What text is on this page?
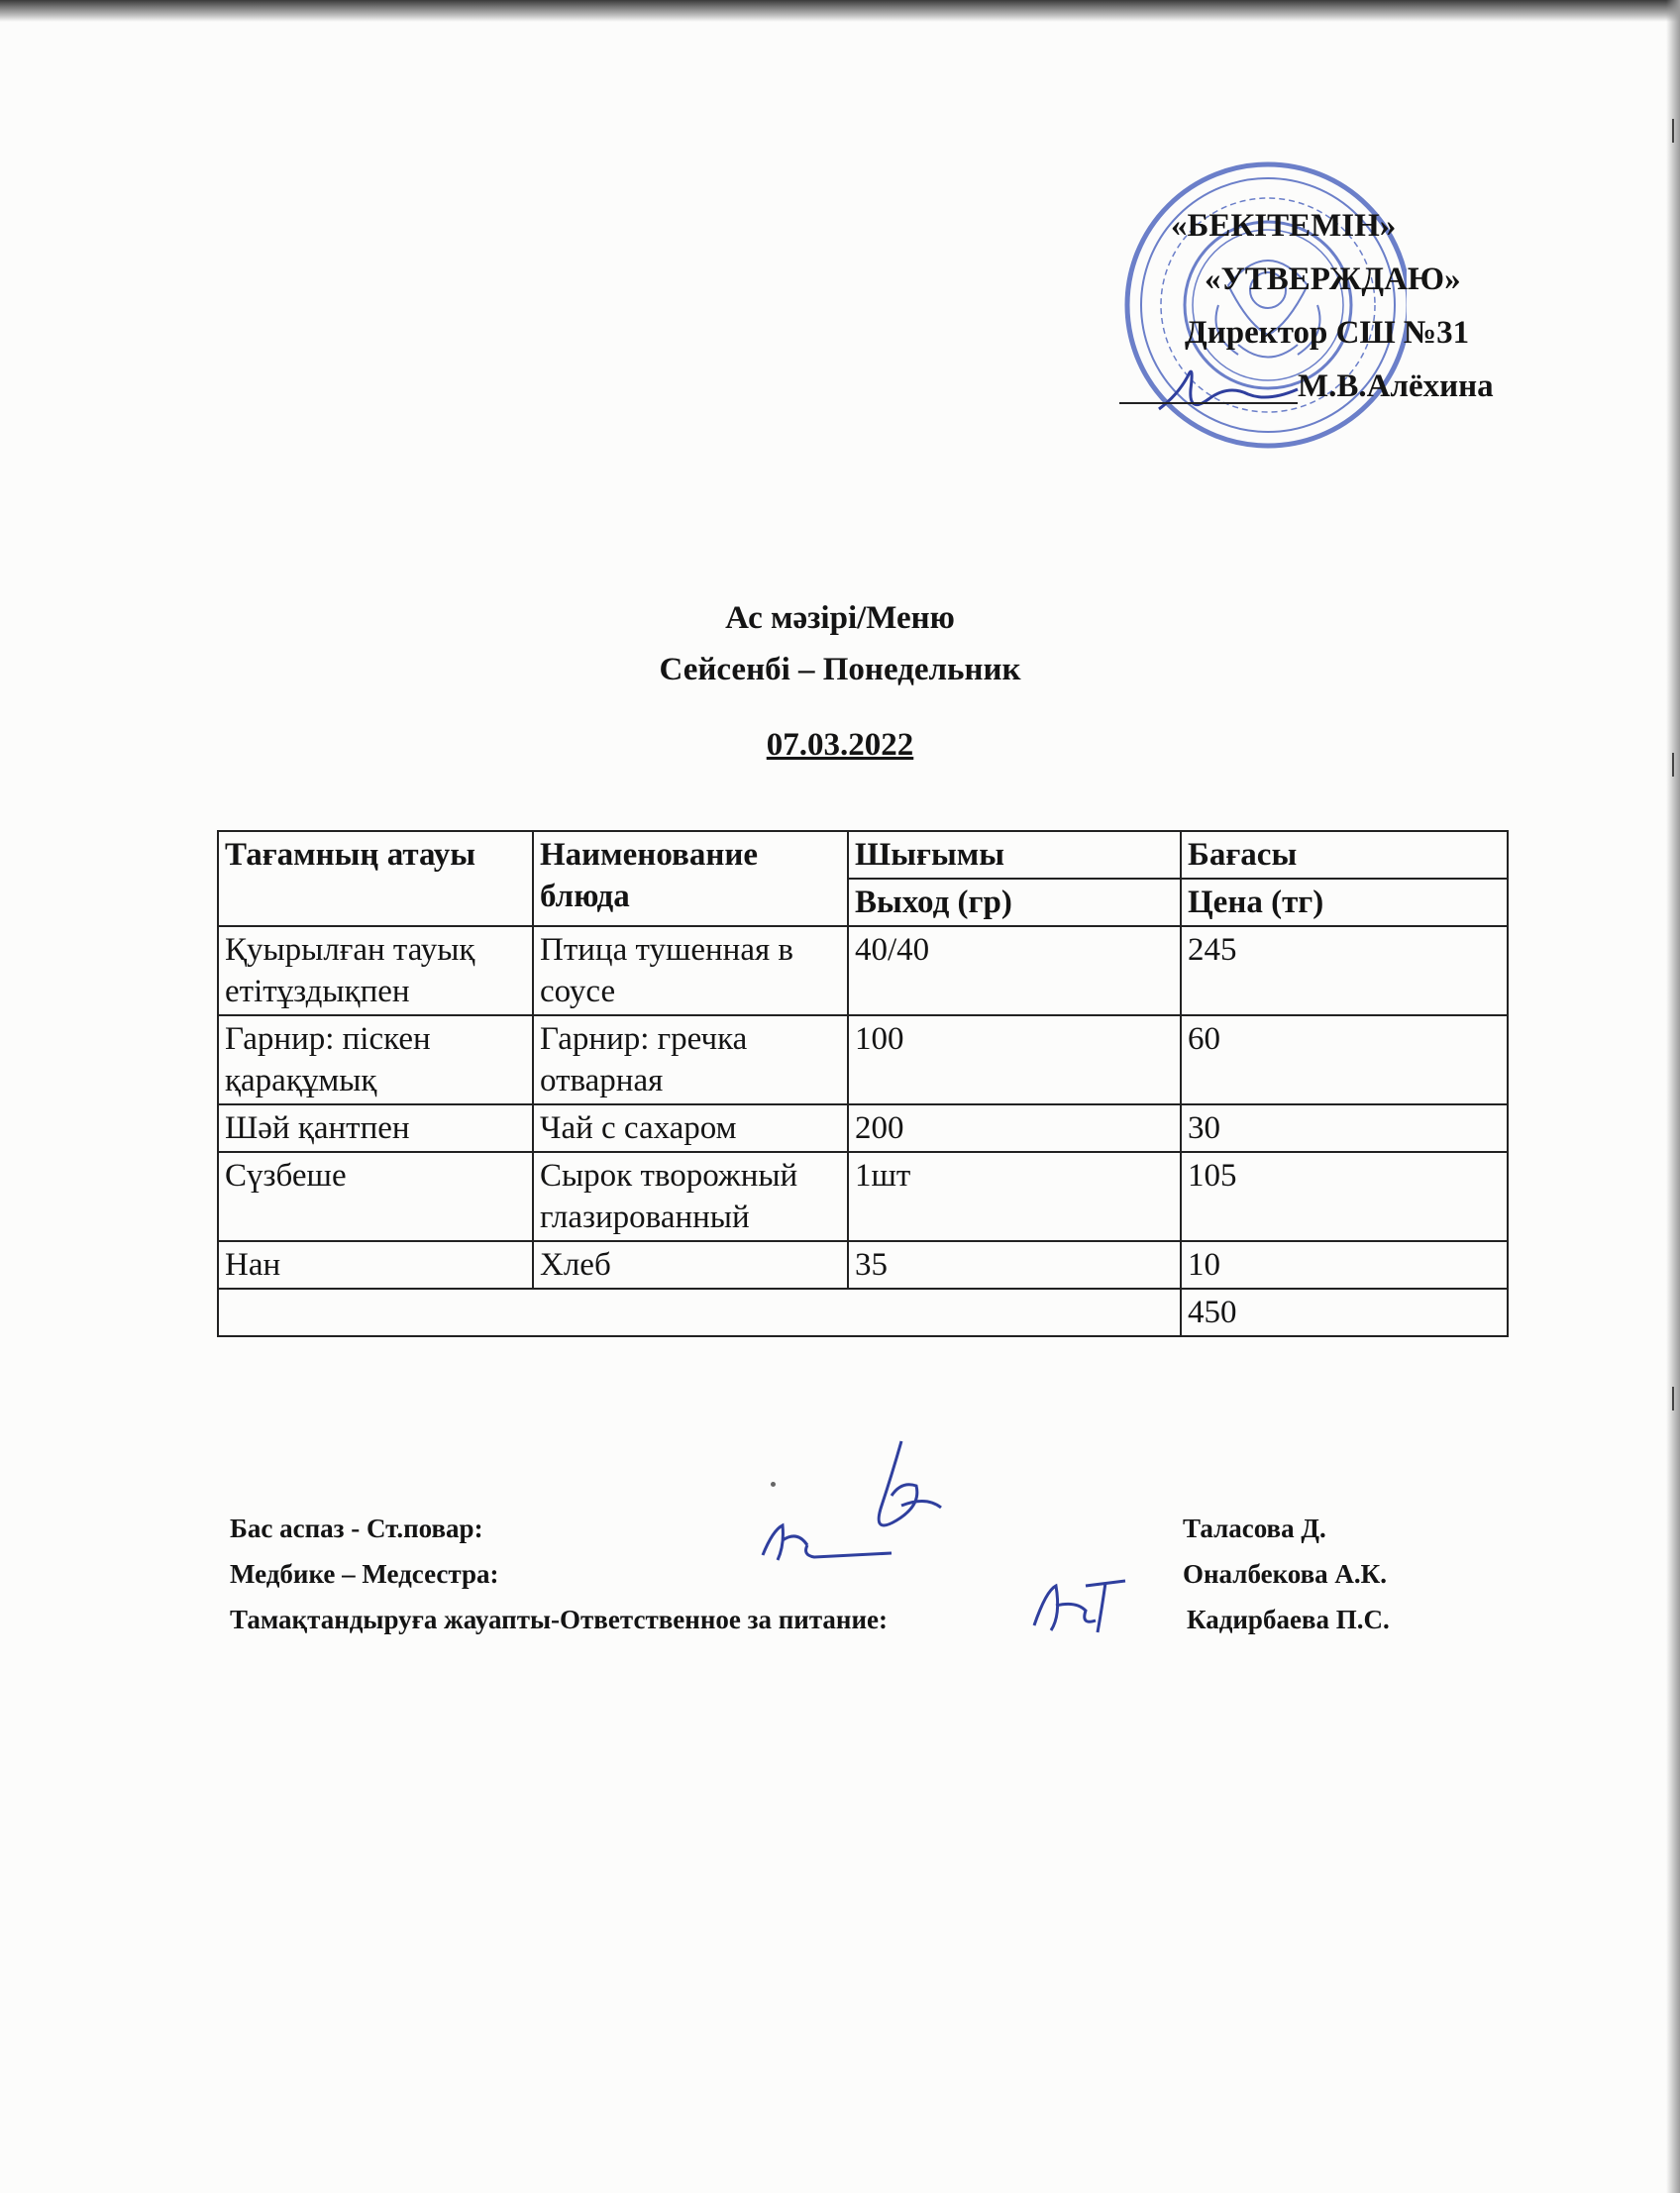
«БЕКІТЕМІН»
«УТВЕРЖДАЮ»
Директор СШ №31
М.В.Алёхина
Ас мәзірі/Меню
Сейсенбі – Понедельник
07.03.2022
Тағамның атауы	Наименование блюда	Шығымы	Бағасы
		Выход (гр)	Цена (тг)
Қуырылған тауық етітұздықпен	Птица тушенная в соусе	40/40	245
Гарнир: піскен қарақұмық	Гарнир: гречка отварная	100	60
Шәй қантпен	Чай с сахаром	200	30
Сүзбеше	Сырок творожный глазированный	1шт	105
Нан	Хлеб	35	10
			450
Бас аспаз - Ст.повар:
Медбике – Медсестра:
Тамақтандыруға жауапты-Ответственное за питание:
Таласова Д.
Оналбекова А.К.
Кадирбаева П.С.
